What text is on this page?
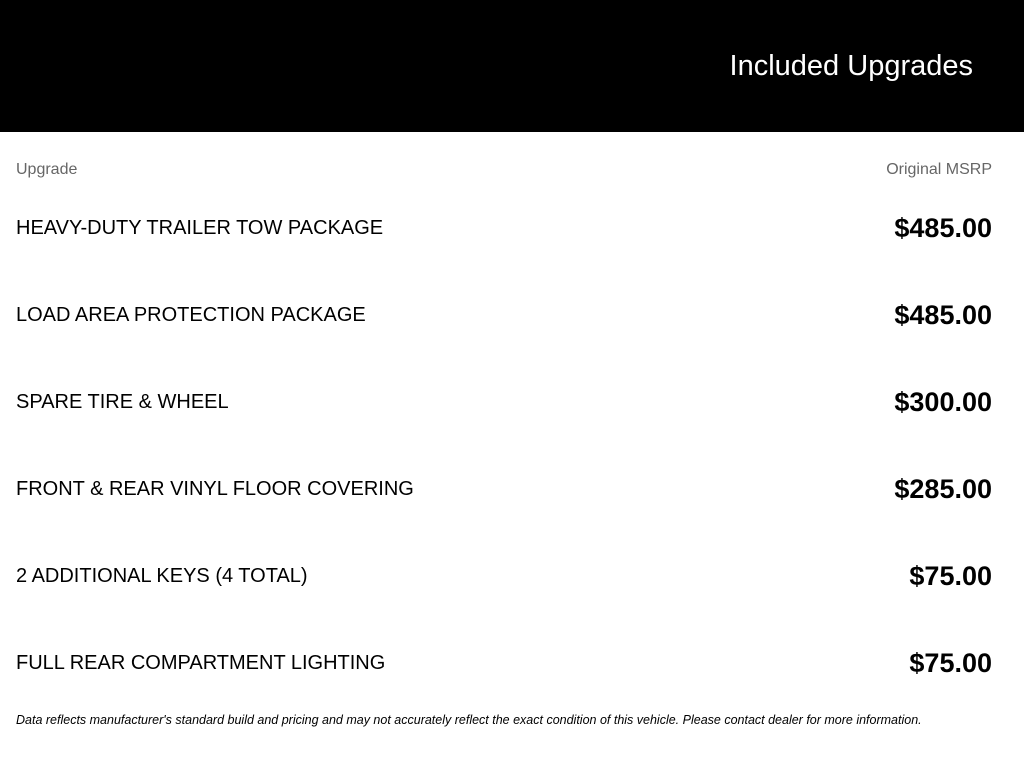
Included Upgrades
Upgrade	Original MSRP
HEAVY-DUTY TRAILER TOW PACKAGE	$485.00
LOAD AREA PROTECTION PACKAGE	$485.00
SPARE TIRE & WHEEL	$300.00
FRONT & REAR VINYL FLOOR COVERING	$285.00
2 ADDITIONAL KEYS (4 TOTAL)	$75.00
FULL REAR COMPARTMENT LIGHTING	$75.00
Data reflects manufacturer's standard build and pricing and may not accurately reflect the exact condition of this vehicle. Please contact dealer for more information.
